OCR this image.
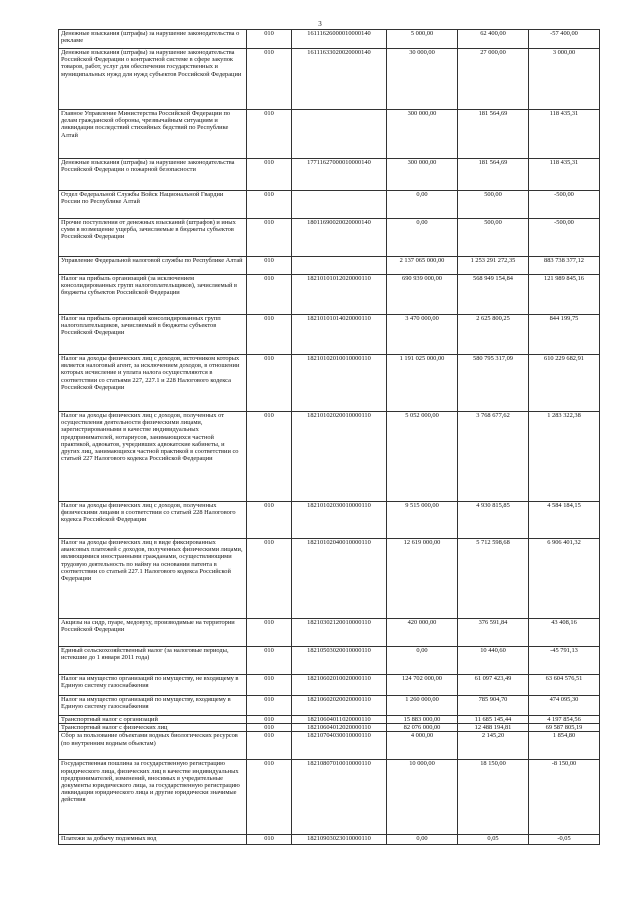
3
Денежные взыскания (штрафы) за нарушение законодательства о рекламе	010	16111626000010000140	5 000,00	62 400,00	-57 400,00
Денежные взыскания (штрафы) за нарушение законодательства Российской Федерации о контрактной системе в сфере закупок товаров, работ, услуг для обеспечения государственных и муниципальных нужд для нужд субъектов Российской Федерации	010	16111633020020000140	30 000,00	27 000,00	3 000,00
Главное Управление Министерства Российской Федерации по делам гражданской обороны, чрезвычайным ситуациям и ликвидации последствий стихийных бедствий по Республике Алтай	010		300 000,00	181 564,69	118 435,31
Денежные взыскания (штрафы) за нарушение законодательства Российской Федерации о пожарной безопасности	010	17711627000010000140	300 000,00	181 564,69	118 435,31
Отдел Федеральной Службы Войск Национальной Гвардии России по Республике Алтай	010		0,00	500,00	-500,00
Прочие поступления от денежных взысканий (штрафов) и иных сумм в возмещение ущерба, зачисляемые в бюджеты субъектов Российской Федерации	010	18011690020020000140	0,00	500,00	-500,00
Управление Федеральной налоговой службы по Республике Алтай	010		2 137 065 000,00	1 253 291 272,35	883 738 377,12
Налог на прибыль организаций (за исключением консолидированных групп налогоплательщиков), зачисляемый в бюджеты субъектов Российской Федерации	010	18210101012020000110	690 939 000,00	568 949 154,84	121 989 845,16
Налог на прибыль организаций консолидированных групп налогоплательщиков, зачисляемый в бюджеты субъектов Российской Федерации	010	18210101014020000110	3 470 000,00	2 625 800,25	844 199,75
Налог на доходы физических лиц с доходов, источником которых является налоговый агент, за исключением доходов, в отношении которых исчисление и уплата налога осуществляются в соответствии со статьями 227, 227.1 и 228 Налогового кодекса Российской Федерации	010	18210102010010000110	1 191 025 000,00	580 795 317,09	610 229 682,91
Налог на доходы физических лиц с доходов, полученных от осуществления деятельности физическими лицами, зарегистрированными в качестве индивидуальных предпринимателей, нотариусов, занимающихся частной практикой, адвокатов, учредивших адвокатские кабинеты, и других лиц, занимающихся частной практикой в соответствии со статьей 227 Налогового кодекса Российской Федерации	010	18210102020010000110	5 052 000,00	3 768 677,62	1 283 322,38
Налог на доходы физических лиц с доходов, полученных физическими лицами в соответствии со статьей 228 Налогового кодекса Российской Федерации	010	18210102030010000110	9 515 000,00	4 930 815,85	4 584 184,15
Налог на доходы физических лиц в виде фиксированных авансовых платежей с доходов, полученных физическими лицами, являющимися иностранными гражданами, осуществляющими трудовую деятельность по найму на основании патента в соответствии со статьей 227.1 Налогового кодекса Российской Федерации	010	18210102040010000110	12 619 000,00	5 712 598,68	6 906 401,32
Акцизы на сидр, пуаре, медовуху, производимые на территории Российской Федерации	010	18210302120010000110	420 000,00	376 591,84	43 408,16
Единый сельскохозяйственный налог (за налоговые периоды, истекшие до 1 января 2011 года)	010	18210503020010000110	0,00	10 440,60	-45 791,13
Налог на имущество организаций по имуществу, не входящему в Единую систему газоснабжения	010	18210602010020000110	124 702 000,00	61 097 423,49	63 604 576,51
Налог на имущество организаций по имуществу, входящему в Единую систему газоснабжения	010	18210602020020000110	1 260 000,00	785 904,70	474 095,30
Транспортный налог с организаций	010	18210604011020000110	15 883 000,00	11 685 145,44	4 197 854,56
Транспортный налог с физических лиц	010	18210604012020000110	82 076 000,00	12 488 194,81	69 587 805,19
Сбор за пользование объектами водных биологических ресурсов (по внутренним водным объектам)	010	18210704030010000110	4 000,00	2 145,20	1 854,80
Государственная пошлина за государственную регистрацию юридического лица, физических лиц в качестве индивидуальных предпринимателей, изменений, вносимых в учредительные документы юридического лица, за государственную регистрацию ликвидации юридического лица и другие юридически значимые действия	010	18210807010010000110	10 000,00	18 150,00	-8 150,00
Платежи за добычу подземных вод	010	18210903023010000110	0,00	0,05	-0,05
